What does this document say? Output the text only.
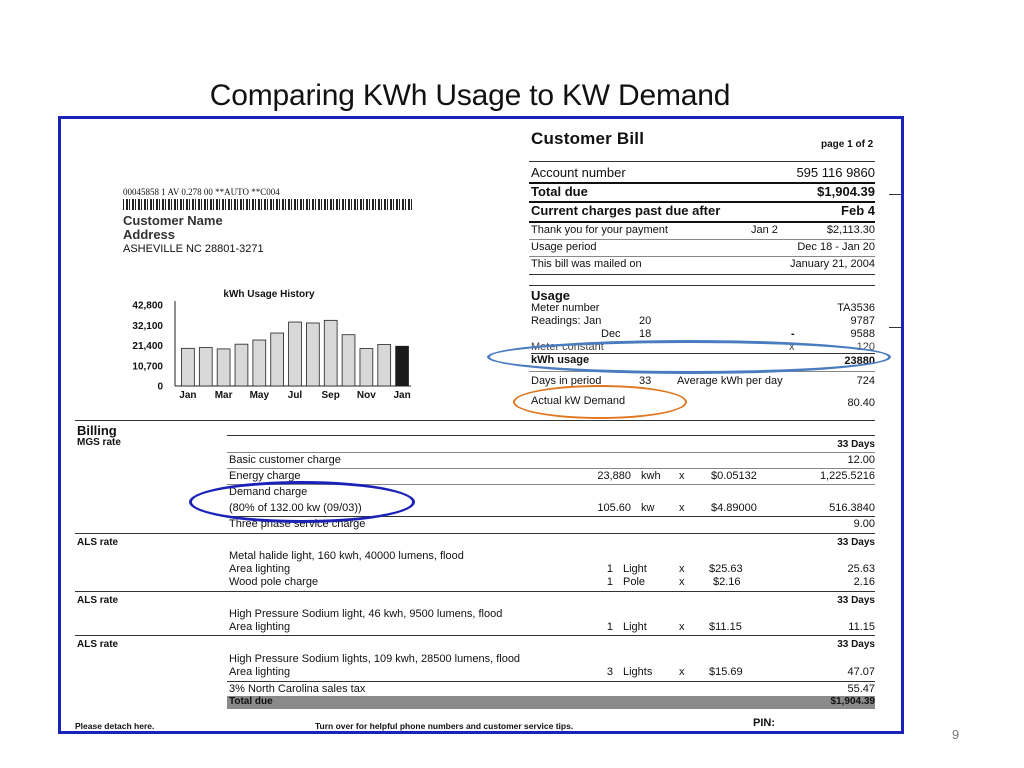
Comparing KWh Usage to KW Demand
9
Customer Bill	page 1 of 2
00045858 1 AV 0.278 00 **AUTO **C004
Customer Name
Address
ASHEVILLE NC 28801-3271
Account number	595 116 9860
Total due	$1,904.39
Current charges past due after	Feb 4
Thank you for your payment	Jan 2	$2,113.30
Usage period	Dec 18 - Jan 20
This bill was mailed on	January 21, 2004
Usage
Meter number	TA3536
Readings: Jan	20	9787
Dec 18	-	9588
Meter constant	x	120
kWh usage	23880
Days in period	33 Average kWh per day	724
Actual kW Demand	80.40
kWh Usage History
42,800
32,100
21,400
10,700
0
Jan Mar May Jul Sep Nov Jan
Billing
MGS rate	33 Days
Basic customer charge	12.00
Energy charge	23,880 kwh x $0.05132	1,225.5216
Demand charge
(80% of 132.00 kw (09/03))	105.60 kw x $4.89000	516.3840
Three phase service charge	9.00
ALS rate	33 Days
Metal halide light, 160 kwh, 40000 lumens, flood
Area lighting	1 Light	x $25.63	25.63
Wood pole charge	1 Pole	x	$2.16	2.16
ALS rate	33 Days
High Pressure Sodium light, 46 kwh, 9500 lumens, flood
Area lighting	1 Light	x $11.15	11.15
ALS rate	33 Days
High Pressure Sodium lights, 109 kwh, 28500 lumens, flood
Area lighting	3 Lights x $15.69	47.07
3% North Carolina sales tax	55.47
Total due	$1,904.39
Please detach here.	Turn over for helpful phone numbers and customer service tips.	PIN:
